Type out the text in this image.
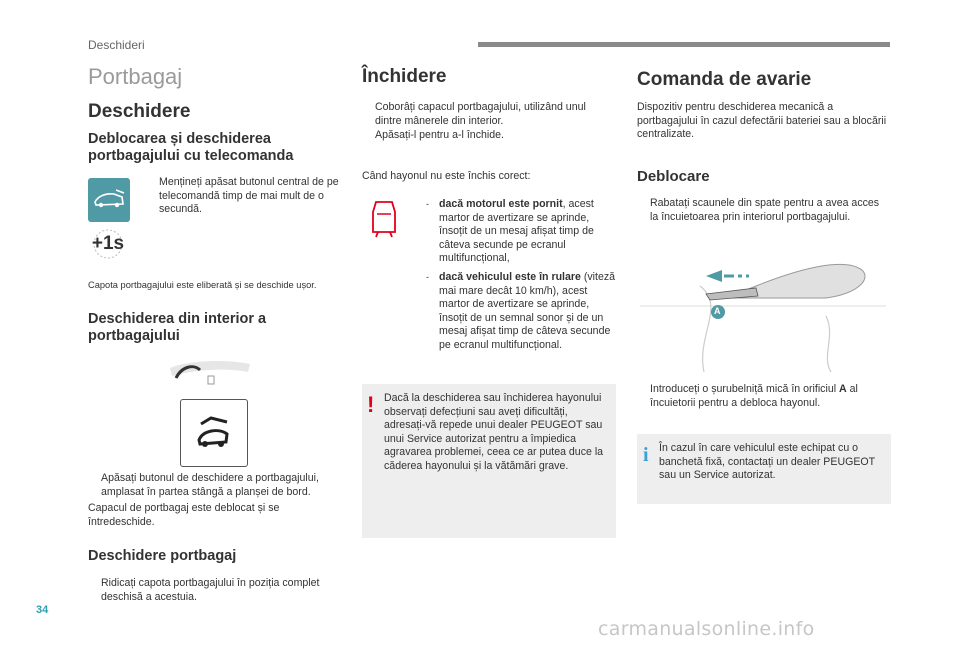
Deschideri
Portbagaj
Deschidere
Deblocarea și deschiderea portbagajului cu telecomanda
Mențineți apăsat butonul central de pe telecomandă timp de mai mult de o secundă.
+1s
Capota portbagajului este eliberată și se deschide ușor.
Deschiderea din interior a portbagajului
Apăsați butonul de deschidere a portbagajului, amplasat în partea stângă a planșei de bord.
Capacul de portbagaj este deblocat și se întredeschide.
Deschidere portbagaj
Ridicați capota portbagajului în poziția complet deschisă a acestuia.
Închidere
Coborâți capacul portbagajului, utilizând unul dintre mânerele din interior.
Apăsați-l pentru a-l închide.
Când hayonul nu este închis corect:
- dacă motorul este pornit, acest martor de avertizare se aprinde, însoțit de un mesaj afișat timp de câteva secunde pe ecranul multifuncțional,
- dacă vehiculul este în rulare (viteză mai mare decât 10 km/h), acest martor de avertizare se aprinde, însoțit de un semnal sonor și de un mesaj afișat timp de câteva secunde pe ecranul multifuncțional.
! Dacă la deschiderea sau închiderea hayonului observați defecțiuni sau aveți dificultăți, adresați-vă repede unui dealer PEUGEOT sau unui Service autorizat pentru a împiedica agravarea problemei, ceea ce ar putea duce la căderea hayonului și la vătămări grave.
Comanda de avarie
Dispozitiv pentru deschiderea mecanică a portbagajului în cazul defectării bateriei sau a blocării centralizate.
Deblocare
Rabatați scaunele din spate pentru a avea acces la încuietoarea prin interiorul portbagajului.
A
Introduceți o șurubelniță mică în orificiul A al încuietorii pentru a debloca hayonul.
i În cazul în care vehiculul este echipat cu o banchetă fixă, contactați un dealer PEUGEOT sau un Service autorizat.
34
carmanualsonline.info
